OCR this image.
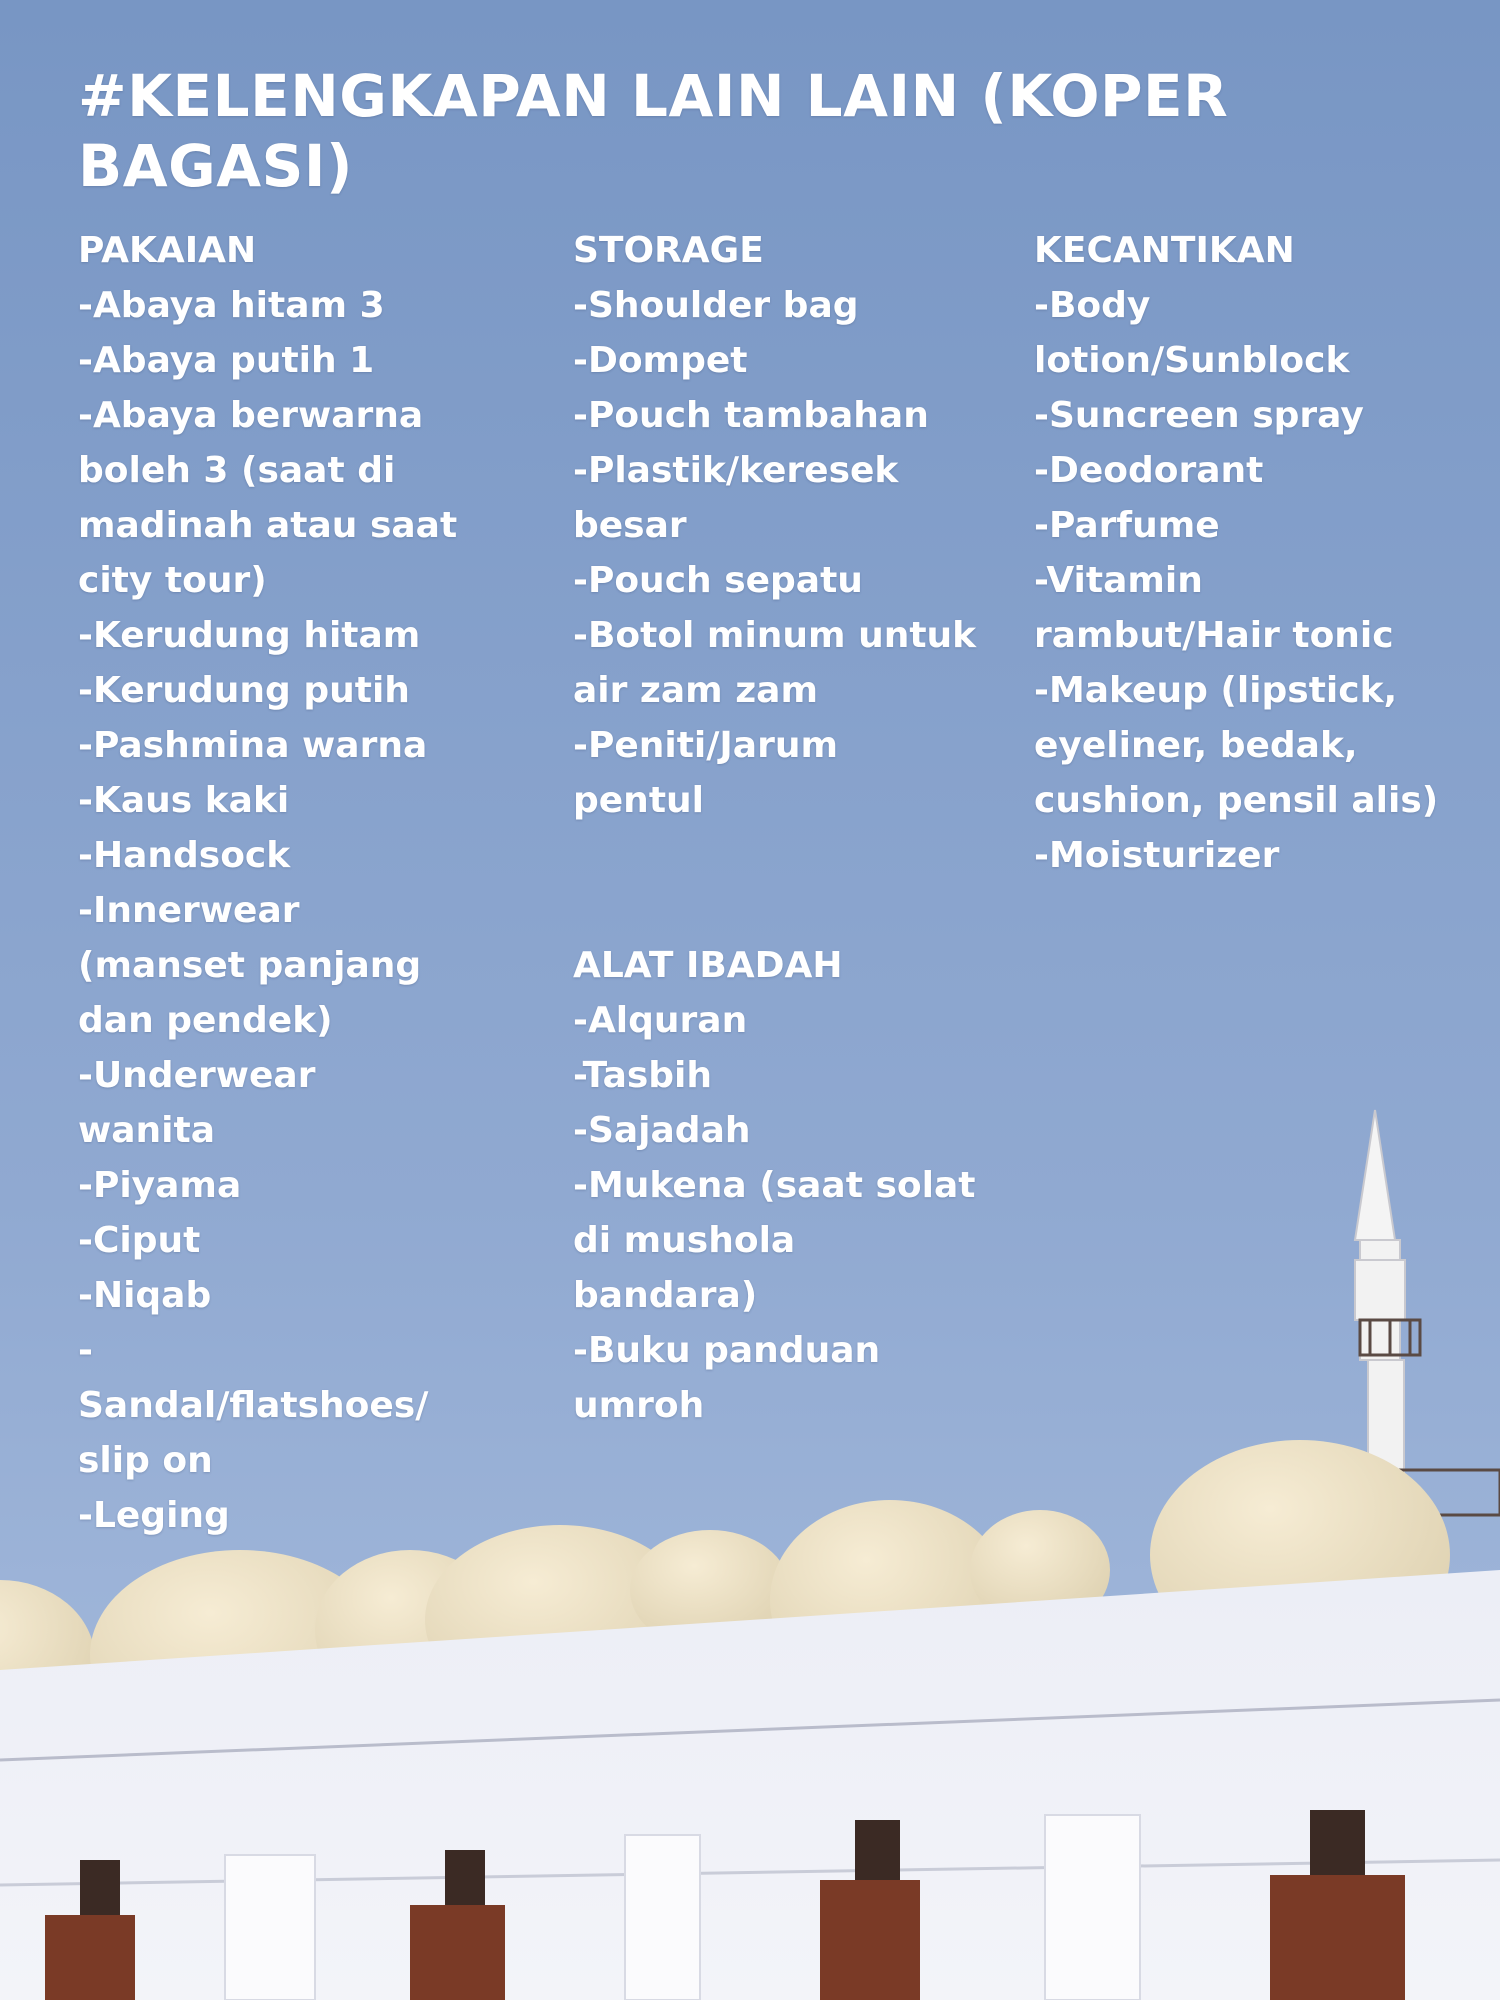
#KELENGKAPAN LAIN LAIN (KOPER BAGASI)
PAKAIAN
-Abaya hitam 3
-Abaya putih 1
-Abaya berwarna
boleh 3 (saat di
madinah atau saat
city tour)
-Kerudung hitam
-Kerudung putih
-Pashmina warna
-Kaus kaki
-Handsock
-Innerwear
(manset panjang
dan pendek)
-Underwear
wanita
-Piyama
-Ciput
-Niqab
-
Sandal/flatshoes/
slip on
-Leging
STORAGE
-Shoulder bag
-Dompet
-Pouch tambahan
-Plastik/keresek
besar
-Pouch sepatu
-Botol minum untuk
air zam zam
-Peniti/Jarum
pentul
ALAT IBADAH
-Alquran
-Tasbih
-Sajadah
-Mukena (saat solat
di mushola
bandara)
-Buku panduan
umroh
KECANTIKAN
-Body
lotion/Sunblock
-Suncreen spray
-Deodorant
-Parfume
-Vitamin
rambut/Hair tonic
-Makeup (lipstick,
eyeliner, bedak,
cushion, pensil alis)
-Moisturizer
